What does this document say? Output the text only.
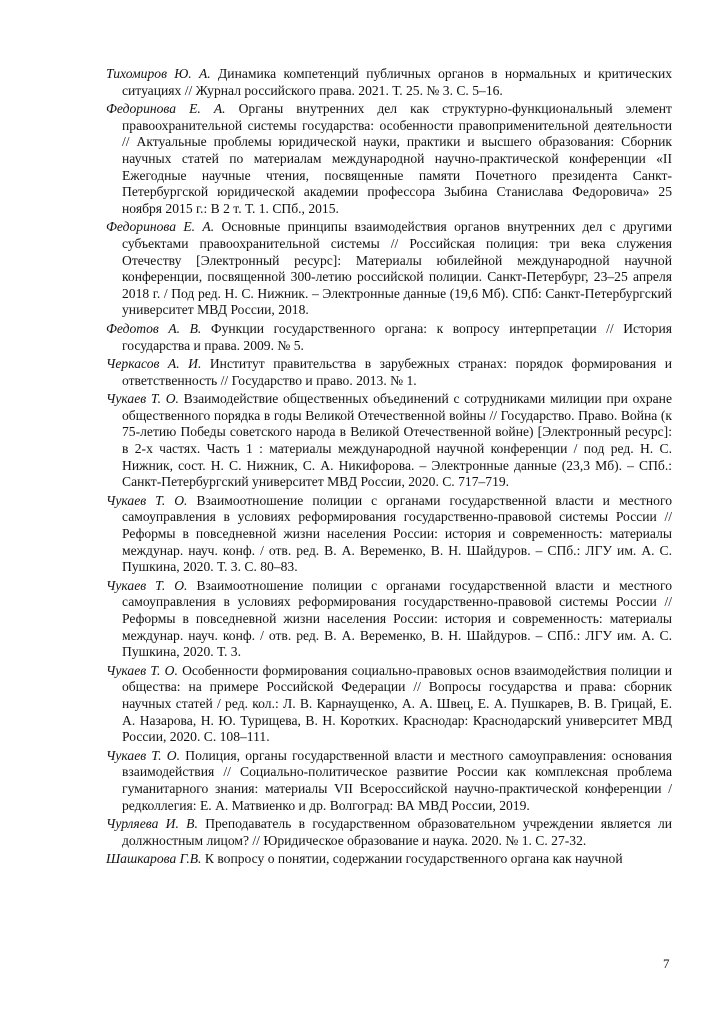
Тихомиров Ю. А. Динамика компетенций публичных органов в нормальных и критических ситуациях // Журнал российского права. 2021. Т. 25. № 3. С. 5–16.

Федоринова Е. А. Органы внутренних дел как структурно-функциональный элемент правоохранительной системы государства: особенности правоприменительной деятельности // Актуальные проблемы юридической науки, практики и высшего образования: Сборник научных статей по материалам международной научно-практической конференции «II Ежегодные научные чтения, посвященные памяти Почетного президента Санкт-Петербургской юридической академии профессора Зыбина Станислава Федоровича» 25 ноября 2015 г.: В 2 т. Т. 1. СПб., 2015.

Федоринова Е. А. Основные принципы взаимодействия органов внутренних дел с другими субъектами правоохранительной системы // Российская полиция: три века служения Отечеству [Электронный ресурс]: Материалы юбилейной международной научной конференции, посвященной 300-летию российской полиции. Санкт-Петербург, 23–25 апреля 2018 г. / Под ред. Н. С. Нижник. – Электронные данные (19,6 Мб). СПб: Санкт-Петербургский университет МВД России, 2018.

Федотов А. В. Функции государственного органа: к вопросу интерпретации // История государства и права. 2009. № 5.

Черкасов А. И. Институт правительства в зарубежных странах: порядок формирования и ответственность // Государство и право. 2013. № 1.

Чукаев Т. О. Взаимодействие общественных объединений с сотрудниками милиции при охране общественного порядка в годы Великой Отечественной войны // Государство. Право. Война (к 75-летию Победы советского народа в Великой Отечественной войне) [Электронный ресурс]: в 2-х частях. Часть 1 : материалы международной научной конференции / под ред. Н. С. Нижник, сост. Н. С. Нижник, С. А. Никифорова. – Электронные данные (23,3 Мб). – СПб.: Санкт-Петербургский университет МВД России, 2020. С. 717–719.

Чукаев Т. О. Взаимоотношение полиции с органами государственной власти и местного самоуправления в условиях реформирования государственно-правовой системы России // Реформы в повседневной жизни населения России: история и современность: материалы междунар. науч. конф. / отв. ред. В. А. Веременко, В. Н. Шайдуров. – СПб.: ЛГУ им. А. С. Пушкина, 2020. Т. 3. С. 80–83.

Чукаев Т. О. Взаимоотношение полиции с органами государственной власти и местного самоуправления в условиях реформирования государственно-правовой системы России // Реформы в повседневной жизни населения России: история и современность: материалы междунар. науч. конф. / отв. ред. В. А. Веременко, В. Н. Шайдуров. – СПб.: ЛГУ им. А. С. Пушкина, 2020. Т. 3.

Чукаев Т. О. Особенности формирования социально-правовых основ взаимодействия полиции и общества: на примере Российской Федерации // Вопросы государства и права: сборник научных статей / ред. кол.: Л. В. Карнаущенко, А. А. Швец, Е. А. Пушкарев, В. В. Грицай, Е. А. Назарова, Н. Ю. Турищева, В. Н. Коротких. Краснодар: Краснодарский университет МВД России, 2020. С. 108–111.

Чукаев Т. О. Полиция, органы государственной власти и местного самоуправления: основания взаимодействия // Социально-политическое развитие России как комплексная проблема гуманитарного знания: материалы VII Всероссийской научно-практической конференции / редколлегия: Е. А. Матвиенко и др. Волгоград: ВА МВД России, 2019.

Чурляева И. В. Преподаватель в государственном образовательном учреждении является ли должностным лицом? // Юридическое образование и наука. 2020. № 1. С. 27-32.

Шашкарова Г.В. К вопросу о понятии, содержании государственного органа как научной

7
